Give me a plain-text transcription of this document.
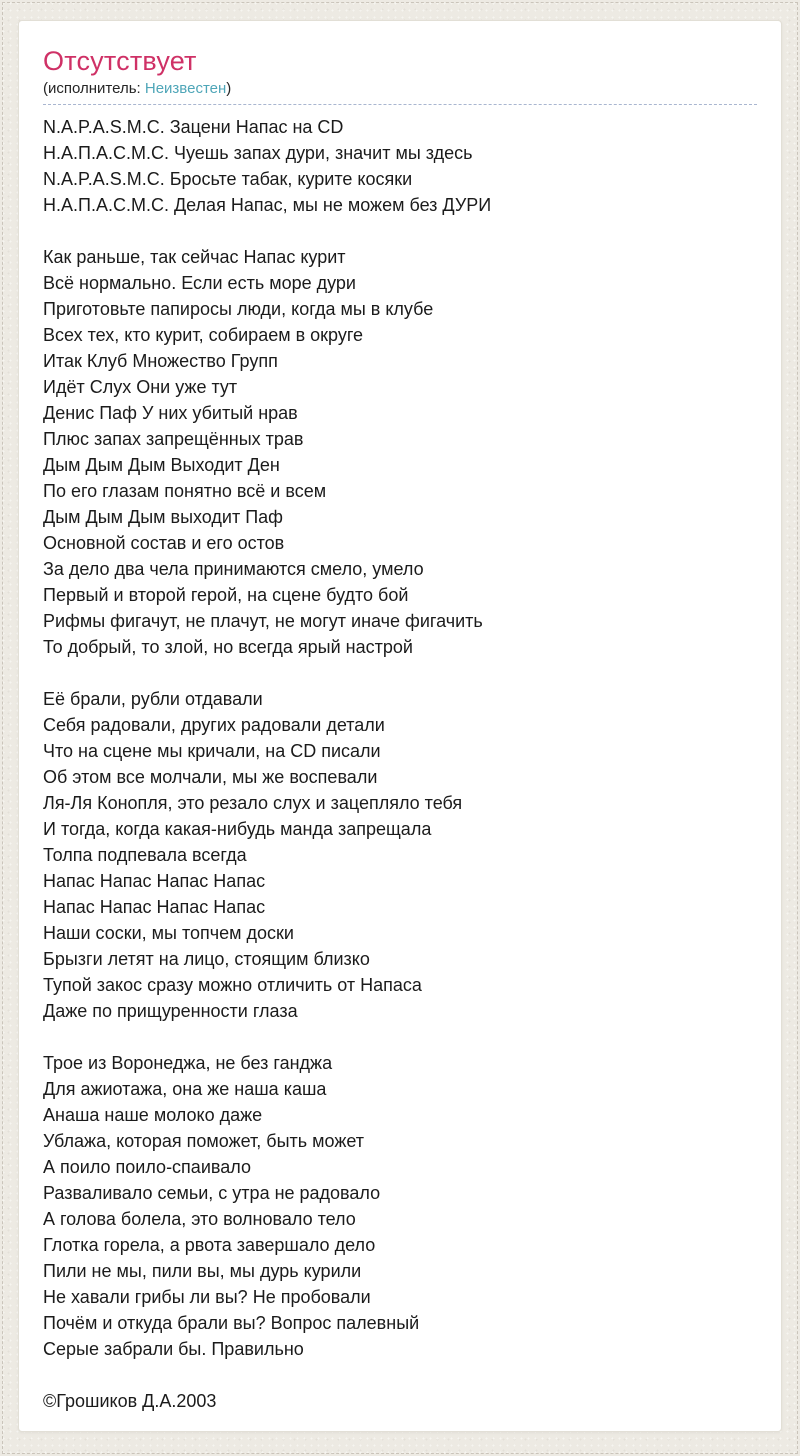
Отсутствует
(исполнитель: Неизвестен)

N.A.P.A.S.M.C. Зацени Напас на CD

Н.А.П.А.С.М.С. Чуешь запах дури, значит мы здесь

N.A.P.A.S.M.C. Бросьте табак, курите косяки

Н.А.П.А.С.М.С. Делая Напас, мы не можем без ДУРИ

Как раньше, так сейчас Напас курит

Всё нормально. Если есть море дури

Приготовьте папиросы люди, когда мы в клубе

Всех тех, кто курит, собираем в округе

Итак Клуб Множество Групп

Идёт Слух Они уже тут

Денис Паф У них убитый нрав

Плюс запах запрещённых трав

Дым Дым Дым Выходит Ден

По его глазам понятно всё и всем

Дым Дым Дым выходит Паф

Основной состав и его остов

За дело два чела принимаются смело, умело

Первый и второй герой, на сцене будто бой

Рифмы фигачут, не плачут, не могут иначе фигачить

То добрый, то злой, но всегда ярый настрой

Её брали, рубли отдавали

Себя радовали, других радовали детали

Что на сцене мы кричали, на CD писали

Об этом все молчали, мы же воспевали

Ля-Ля Конопля, это резало слух и зацепляло тебя

И тогда, когда какая-нибудь манда запрещала

Толпа подпевала всегда

Напас Напас Напас Напас

Напас Напас Напас Напас

Наши соски, мы топчем доски

Брызги летят на лицо, стоящим близко

Тупой закос сразу можно отличить от Напаса

Даже по прищуренности глаза

Трое из Воронеджа, не без ганджа

Для ажиотажа, она же наша каша

Анаша наше молоко даже

Ублажа, которая поможет, быть может

А поило поило-спаивало

Разваливало семьи, с утра не радовало

А голова болела, это волновало тело

Глотка горела, а рвота завершало дело

Пили не мы, пили вы, мы дурь курили

Не хавали грибы ли вы? Не пробовали

Почём и откуда брали вы? Вопрос палевный

Серые забрали бы. Правильно

©Грошиков Д.А.2003
